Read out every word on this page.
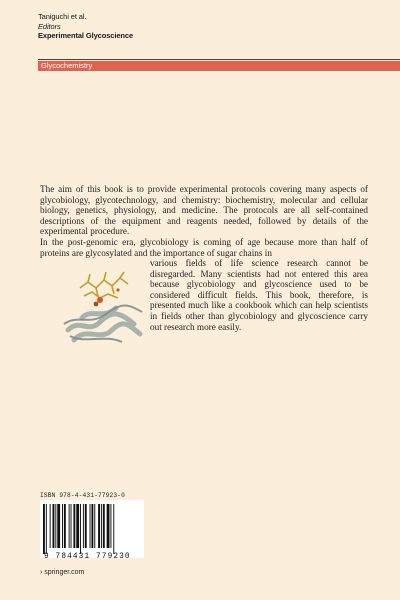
Taniguchi et al.
Editors
Experimental Glycoscience
Glycochemistry
The aim of this book is to provide experimental protocols covering many aspects of glycobiology, glycotechnology, and chemistry: biochemistry, molecular and cellular biology, genetics, physiology, and medicine. The protocols are all self-contained descriptions of the equipment and reagents needed, followed by details of the experimental procedure.
In the post-genomic era, glycobiology is coming of age because more than half of proteins are glycosylated and the importance of sugar chains in
various fields of life science research cannot be disregarded. Many scientists had not entered this area because glycobiology and glycoscience used to be considered difficult fields. This book, therefore, is presented much like a cookbook which can help scientists in fields other than glycobiology and glycoscience carry out research more easily.
ISBN 978-4-431-77923-0
9 784431 779230
› springer.com
